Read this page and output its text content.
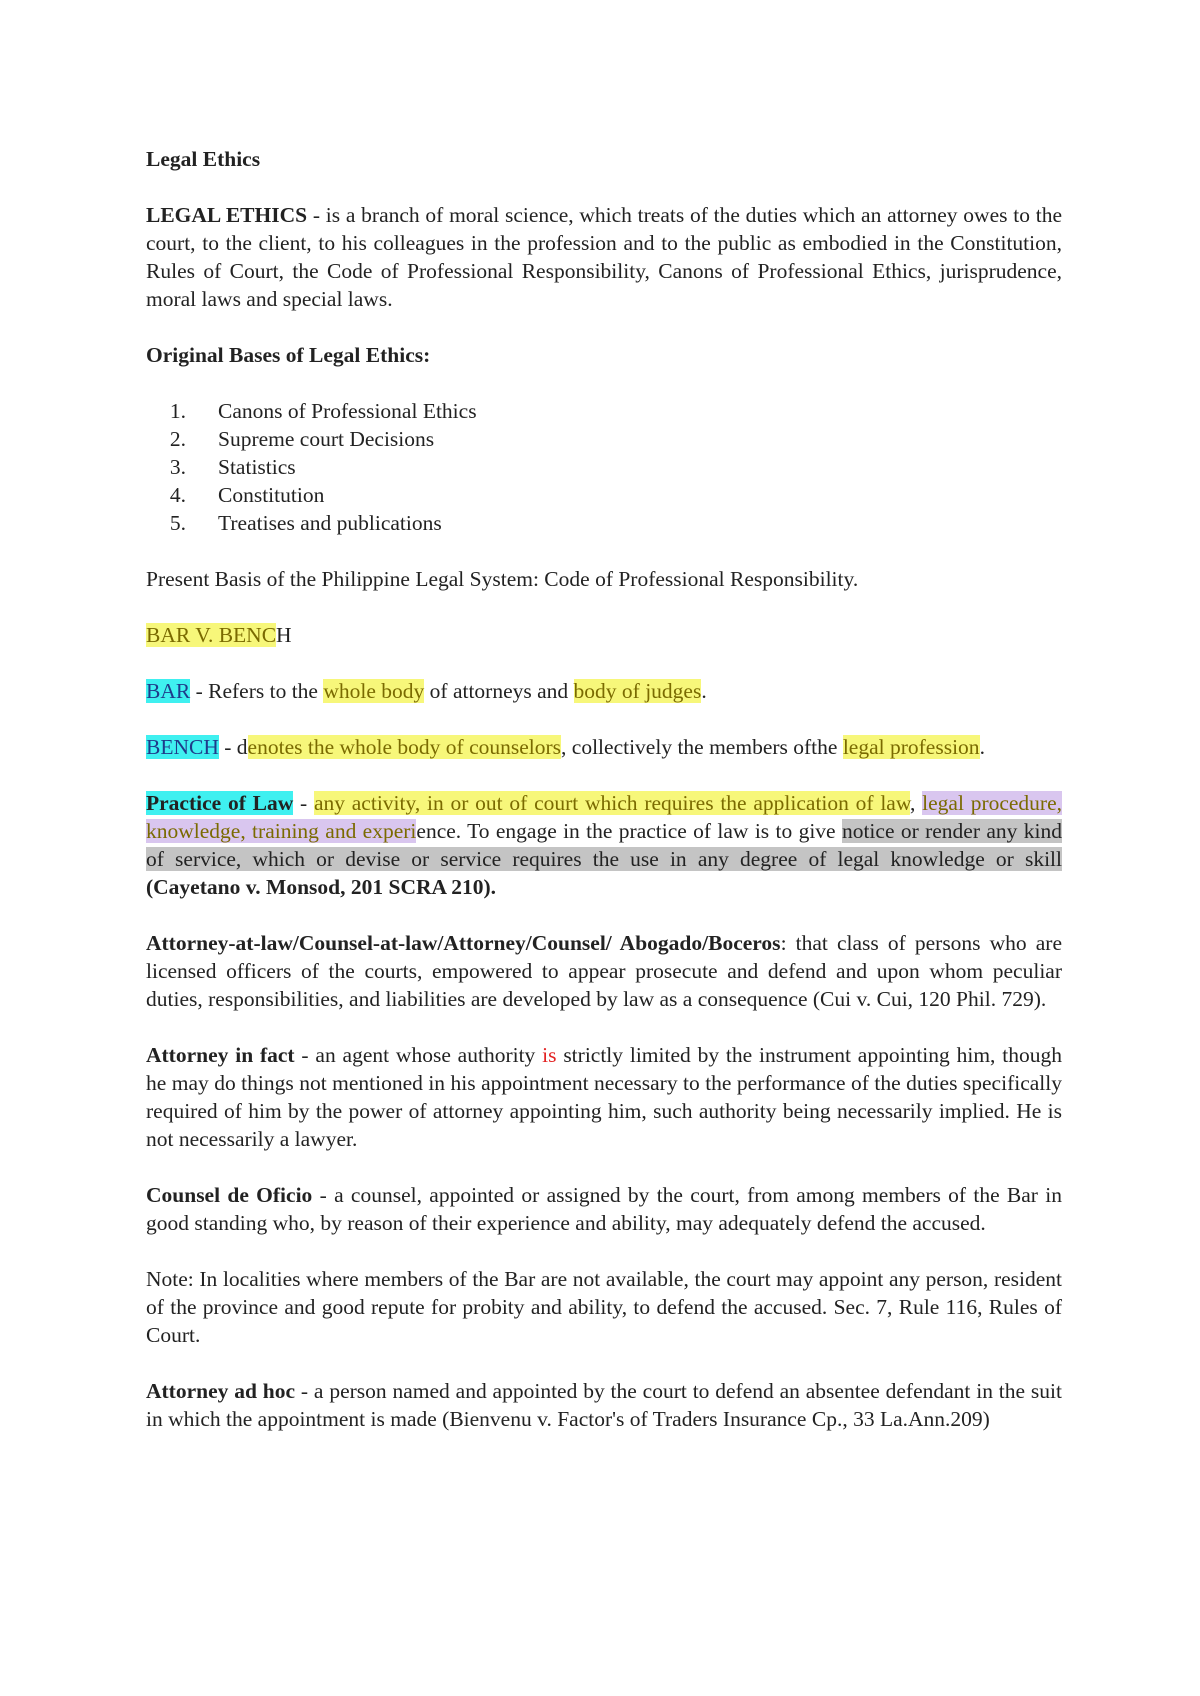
Legal Ethics

LEGAL ETHICS - is a branch of moral science, which treats of the duties which an attorney owes to the court, to the client, to his colleagues in the profession and to the public as embodied in the Constitution, Rules of Court, the Code of Professional Responsibility, Canons of Professional Ethics, jurisprudence, moral laws and special laws.

Original Bases of Legal Ethics:

1. Canons of Professional Ethics
2. Supreme court Decisions
3. Statistics
4. Constitution
5. Treatises and publications

Present Basis of the Philippine Legal System: Code of Professional Responsibility.

BAR V. BENCH

BAR - Refers to the whole body of attorneys and body of judges.

BENCH - denotes the whole body of counselors, collectively the members ofthe legal profession.

Practice of Law - any activity, in or out of court which requires the application of law, legal procedure, knowledge, training and experience. To engage in the practice of law is to give notice or render any kind of service, which or devise or service requires the use in any degree of legal knowledge or skill (Cayetano v. Monsod, 201 SCRA 210).

Attorney-at-law/Counsel-at-law/Attorney/Counsel/ Abogado/Boceros: that class of persons who are licensed officers of the courts, empowered to appear prosecute and defend and upon whom peculiar duties, responsibilities, and liabilities are developed by law as a consequence (Cui v. Cui, 120 Phil. 729).

Attorney in fact - an agent whose authority is strictly limited by the instrument appointing him, though he may do things not mentioned in his appointment necessary to the performance of the duties specifically required of him by the power of attorney appointing him, such authority being necessarily implied. He is not necessarily a lawyer.

Counsel de Oficio - a counsel, appointed or assigned by the court, from among members of the Bar in good standing who, by reason of their experience and ability, may adequately defend the accused.

Note: In localities where members of the Bar are not available, the court may appoint any person, resident of the province and good repute for probity and ability, to defend the accused. Sec. 7, Rule 116, Rules of Court.

Attorney ad hoc - a person named and appointed by the court to defend an absentee defendant in the suit in which the appointment is made (Bienvenu v. Factor's of Traders Insurance Cp., 33 La.Ann.209)
